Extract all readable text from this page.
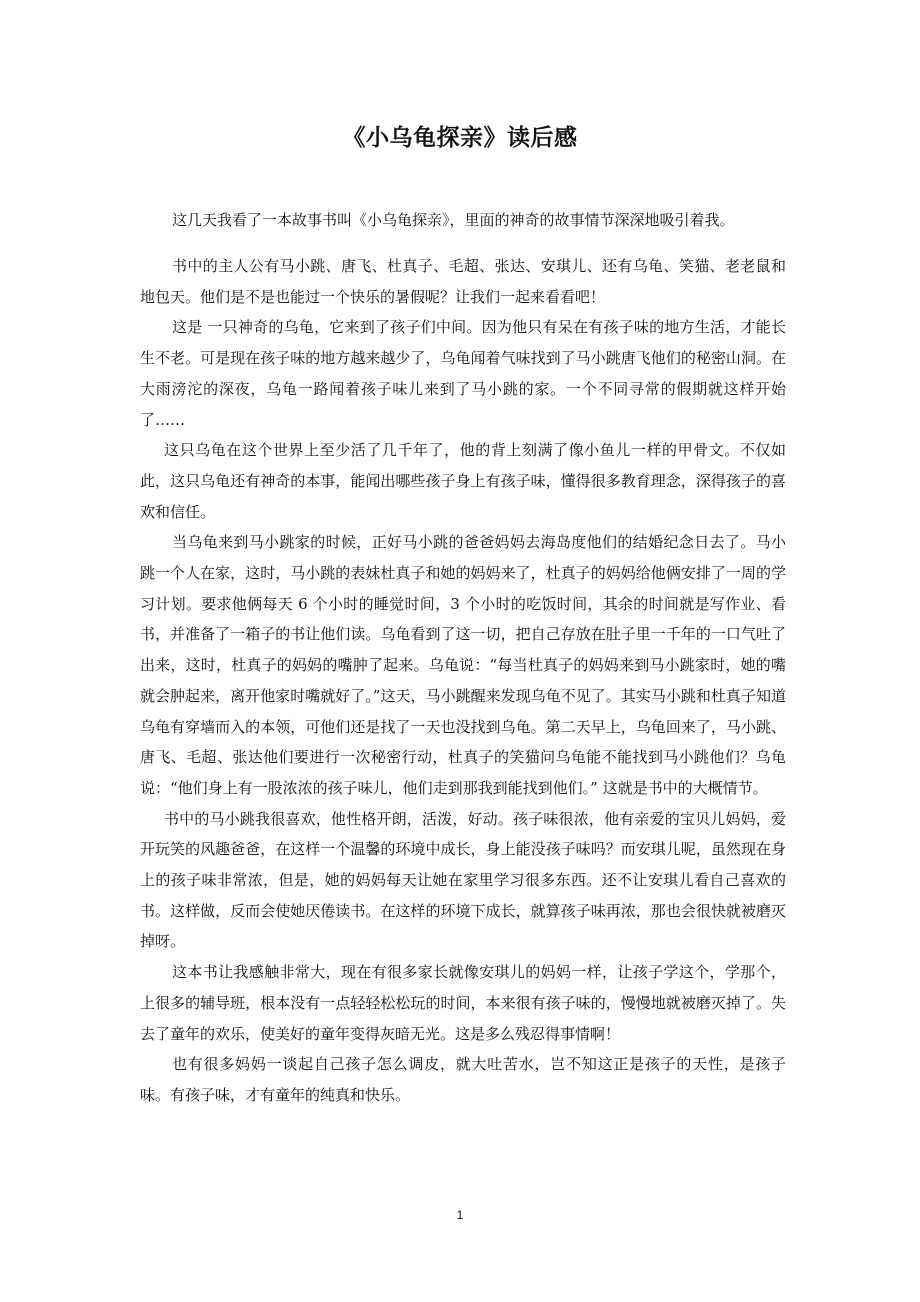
《小乌龟探亲》读后感

这几天我看了一本故事书叫《小乌龟探亲》，里面的神奇的故事情节深深地吸引着我。

书中的主人公有马小跳、唐飞、杜真子、毛超、张达、安琪儿、还有乌龟、笑猫、老老鼠和地包天。他们是不是也能过一个快乐的暑假呢？让我们一起来看看吧！

这是 一只神奇的乌龟，它来到了孩子们中间。因为他只有呆在有孩子味的地方生活，才能长生不老。可是现在孩子味的地方越来越少了，乌龟闻着气味找到了马小跳唐飞他们的秘密山洞。在大雨滂沱的深夜，乌龟一路闻着孩子味儿来到了马小跳的家。一个不同寻常的假期就这样开始了……

这只乌龟在这个世界上至少活了几千年了，他的背上刻满了像小鱼儿一样的甲骨文。不仅如此，这只乌龟还有神奇的本事，能闻出哪些孩子身上有孩子味，懂得很多教育理念，深得孩子的喜欢和信任。

当乌龟来到马小跳家的时候，正好马小跳的爸爸妈妈去海岛度他们的结婚纪念日去了。马小跳一个人在家，这时，马小跳的表妹杜真子和她的妈妈来了，杜真子的妈妈给他俩安排了一周的学习计划。要求他俩每天 6 个小时的睡觉时间，3 个小时的吃饭时间，其余的时间就是写作业、看书，并准备了一箱子的书让他们读。乌龟看到了这一切，把自己存放在肚子里一千年的一口气吐了出来，这时，杜真子的妈妈的嘴肿了起来。乌龟说：“每当杜真子的妈妈来到马小跳家时，她的嘴就会肿起来，离开他家时嘴就好了。”这天，马小跳醒来发现乌龟不见了。其实马小跳和杜真子知道乌龟有穿墙而入的本领，可他们还是找了一天也没找到乌龟。第二天早上，乌龟回来了，马小跳、唐飞、毛超、张达他们要进行一次秘密行动，杜真子的笑猫问乌龟能不能找到马小跳他们？乌龟说：“他们身上有一股浓浓的孩子味儿，他们走到那我到能找到他们。” 这就是书中的大概情节。

书中的马小跳我很喜欢，他性格开朗，活泼，好动。孩子味很浓，他有亲爱的宝贝儿妈妈，爱开玩笑的风趣爸爸，在这样一个温馨的环境中成长，身上能没孩子味吗？而安琪儿呢，虽然现在身上的孩子味非常浓，但是，她的妈妈每天让她在家里学习很多东西。还不让安琪儿看自己喜欢的书。这样做，反而会使她厌倦读书。在这样的环境下成长，就算孩子味再浓，那也会很快就被磨灭掉呀。

这本书让我感触非常大，现在有很多家长就像安琪儿的妈妈一样，让孩子学这个，学那个，上很多的辅导班，根本没有一点轻轻松松玩的时间，本来很有孩子味的，慢慢地就被磨灭掉了。失去了童年的欢乐，使美好的童年变得灰暗无光。这是多么残忍得事情啊！

也有很多妈妈一谈起自己孩子怎么调皮，就大吐苦水，岂不知这正是孩子的天性，是孩子味。有孩子味，才有童年的纯真和快乐。

1
